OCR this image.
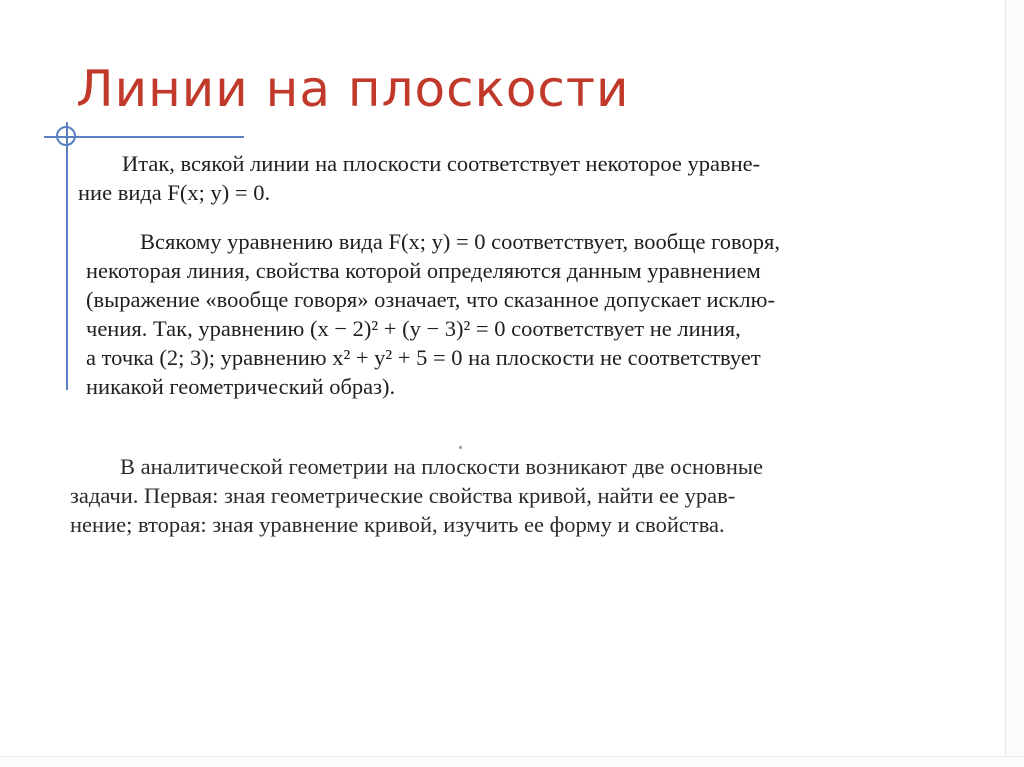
Линии на плоскости
Итак, всякой линии на плоскости соответствует некоторое уравне-
ние вида F(x; y) = 0.
Всякому уравнению вида F(x; y) = 0 соответствует, вообще говоря,
некоторая линия, свойства которой определяются данным уравнением
(выражение «вообще говоря» означает, что сказанное допускает исклю-
чения. Так, уравнению (x − 2)² + (y − 3)² = 0 соответствует не линия,
а точка (2; 3); уравнению x² + y² + 5 = 0 на плоскости не соответствует
никакой геометрический образ).
В аналитической геометрии на плоскости возникают две основные
задачи. Первая: зная геометрические свойства кривой, найти ее урав-
нение; вторая: зная уравнение кривой, изучить ее форму и свойства.
